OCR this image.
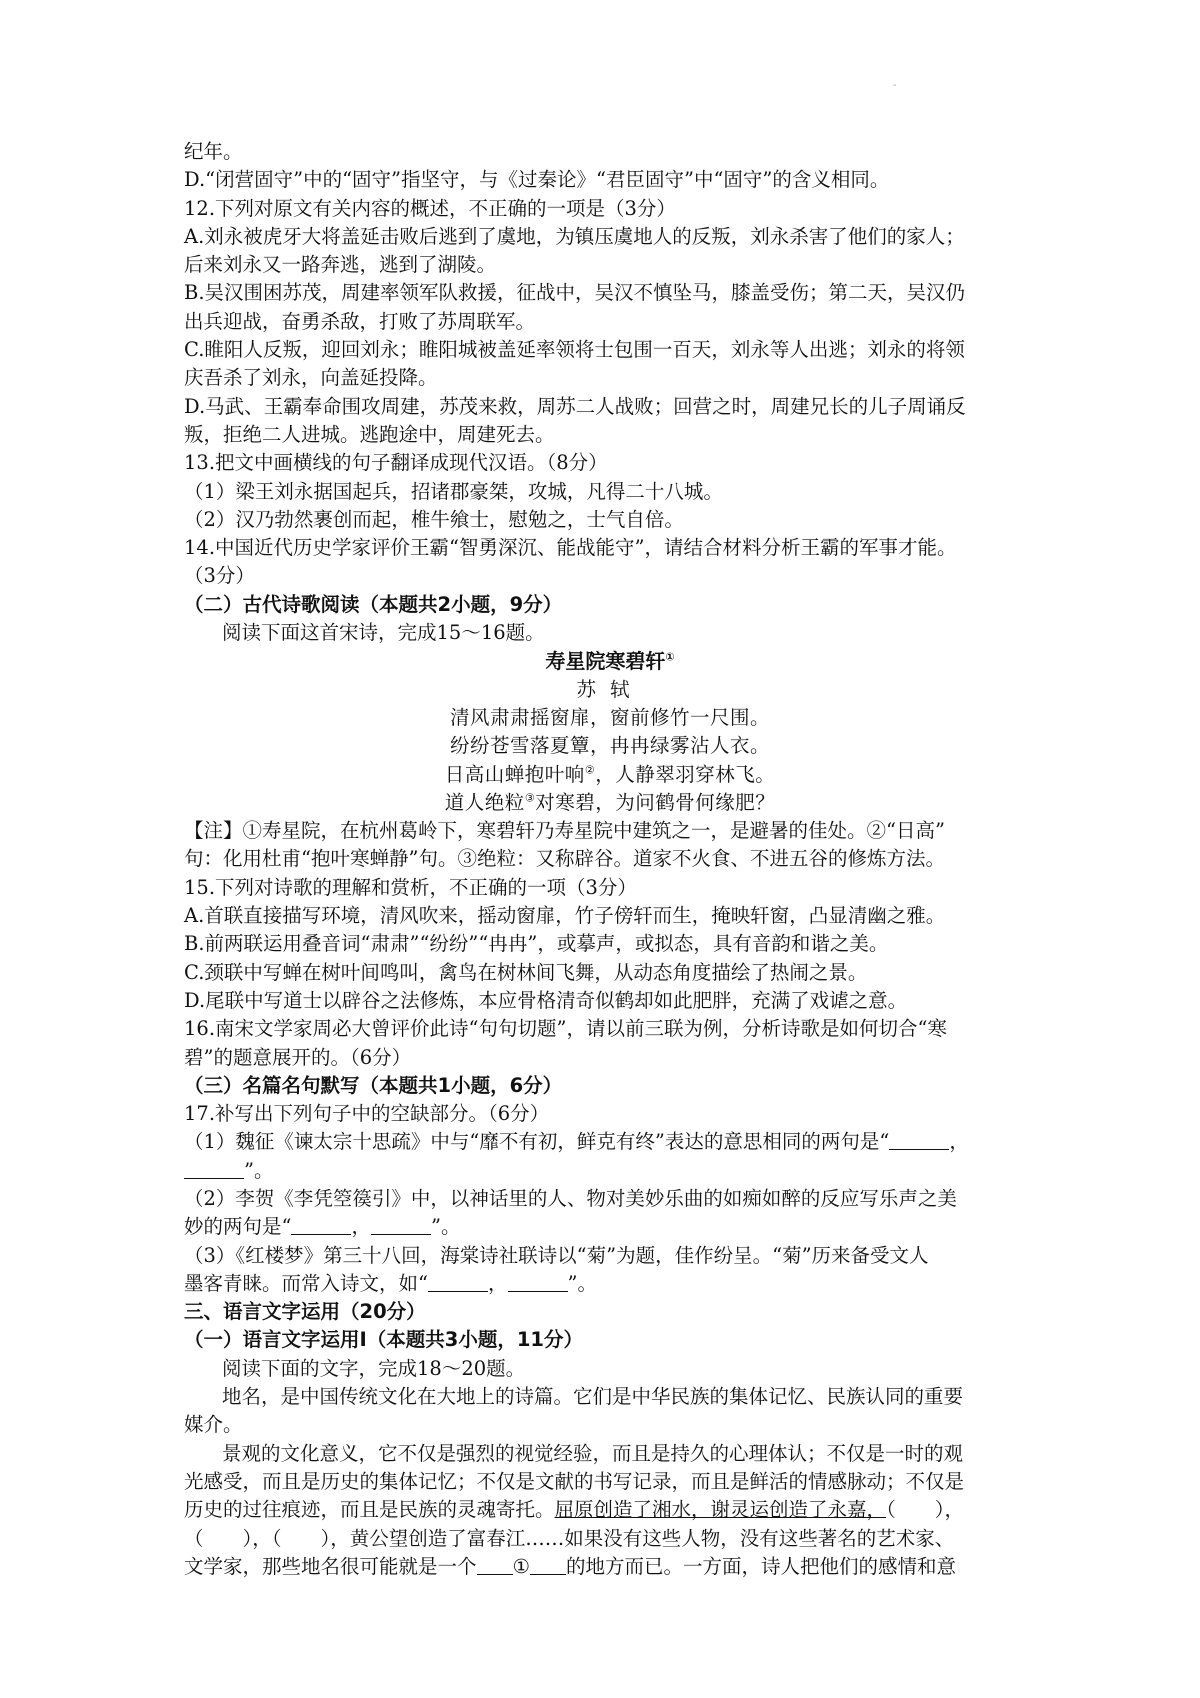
-

纪年。

D.“闭营固守”中的“固守”指坚守，与《过秦论》“君臣固守”中“固守”的含义相同。

12.下列对原文有关内容的概述，不正确的一项是（3分）

A.刘永被虎牙大将盖延击败后逃到了虞地，为镇压虞地人的反叛，刘永杀害了他们的家人；

后来刘永又一路奔逃，逃到了湖陵。

B.吴汉围困苏茂，周建率领军队救援，征战中，吴汉不慎坠马，膝盖受伤；第二天，吴汉仍

出兵迎战，奋勇杀敌，打败了苏周联军。

C.睢阳人反叛，迎回刘永；睢阳城被盖延率领将士包围一百天，刘永等人出逃；刘永的将领

庆吾杀了刘永，向盖延投降。

D.马武、王霸奉命围攻周建，苏茂来救，周苏二人战败；回营之时，周建兄长的儿子周诵反

叛，拒绝二人进城。逃跑途中，周建死去。

13.把文中画横线的句子翻译成现代汉语。（8分）

（1）梁王刘永据国起兵，招诸郡豪桀，攻城，凡得二十八城。

（2）汉乃勃然裹创而起，椎牛飨士，慰勉之，士气自倍。

14.中国近代历史学家评价王霸“智勇深沉、能战能守”，请结合材料分析王霸的军事才能。

（3分）

（二）古代诗歌阅读（本题共2小题，9分）

阅读下面这首宋诗，完成15～16题。

寿星院寒碧轩①

苏轼

清风肃肃摇窗扉，窗前修竹一尺围。

纷纷苍雪落夏簟，冉冉绿雾沾人衣。

日高山蝉抱叶响②，人静翠羽穿林飞。

道人绝粒③对寒碧，为问鹤骨何缘肥？

【注】①寿星院，在杭州葛岭下，寒碧轩乃寿星院中建筑之一，是避暑的佳处。②“日高”

句：化用杜甫“抱叶寒蝉静”句。③绝粒：又称辟谷。道家不火食、不进五谷的修炼方法。

15.下列对诗歌的理解和赏析，不正确的一项（3分）

A.首联直接描写环境，清风吹来，摇动窗扉，竹子傍轩而生，掩映轩窗，凸显清幽之雅。

B.前两联运用叠音词“肃肃”“纷纷”“冉冉”，或摹声，或拟态，具有音韵和谐之美。

C.颈联中写蝉在树叶间鸣叫，禽鸟在树林间飞舞，从动态角度描绘了热闹之景。

D.尾联中写道士以辟谷之法修炼，本应骨格清奇似鹤却如此肥胖，充满了戏谑之意。

16.南宋文学家周必大曾评价此诗“句句切题”，请以前三联为例，分析诗歌是如何切合“寒

碧”的题意展开的。（6分）

（三）名篇名句默写（本题共1小题，6分）

17.补写出下列句子中的空缺部分。（6分）

（1）魏征《谏太宗十思疏》中与“靡不有初，鲜克有终”表达的意思相同的两句是“	，

”。

（2）李贺《李凭箜篌引》中，以神话里的人、物对美妙乐曲的如痴如醉的反应写乐声之美

妙的两句是“	，	”。

（3）《红楼梦》第三十八回，海棠诗社联诗以“菊”为题，佳作纷呈。“菊”历来备受文人

墨客青睐。而常入诗文，如“	，	”。

三、语言文字运用（20分）

（一）语言文字运用Ⅰ（本题共3小题，11分）

阅读下面的文字，完成18～20题。

地名，是中国传统文化在大地上的诗篇。它们是中华民族的集体记忆、民族认同的重要

媒介。

景观的文化意义，它不仅是强烈的视觉经验，而且是持久的心理体认；不仅是一时的观

光感受，而且是历史的集体记忆；不仅是文献的书写记录，而且是鲜活的情感脉动；不仅是

历史的过往痕迹，而且是民族的灵魂寄托。屈原创造了湘水，谢灵运创造了永嘉，（　　），

（　　），（　　），黄公望创造了富春江……如果没有这些人物，没有这些著名的艺术家、

文学家，那些地名很可能就是一个 ① 的地方而已。一方面，诗人把他们的感情和意
